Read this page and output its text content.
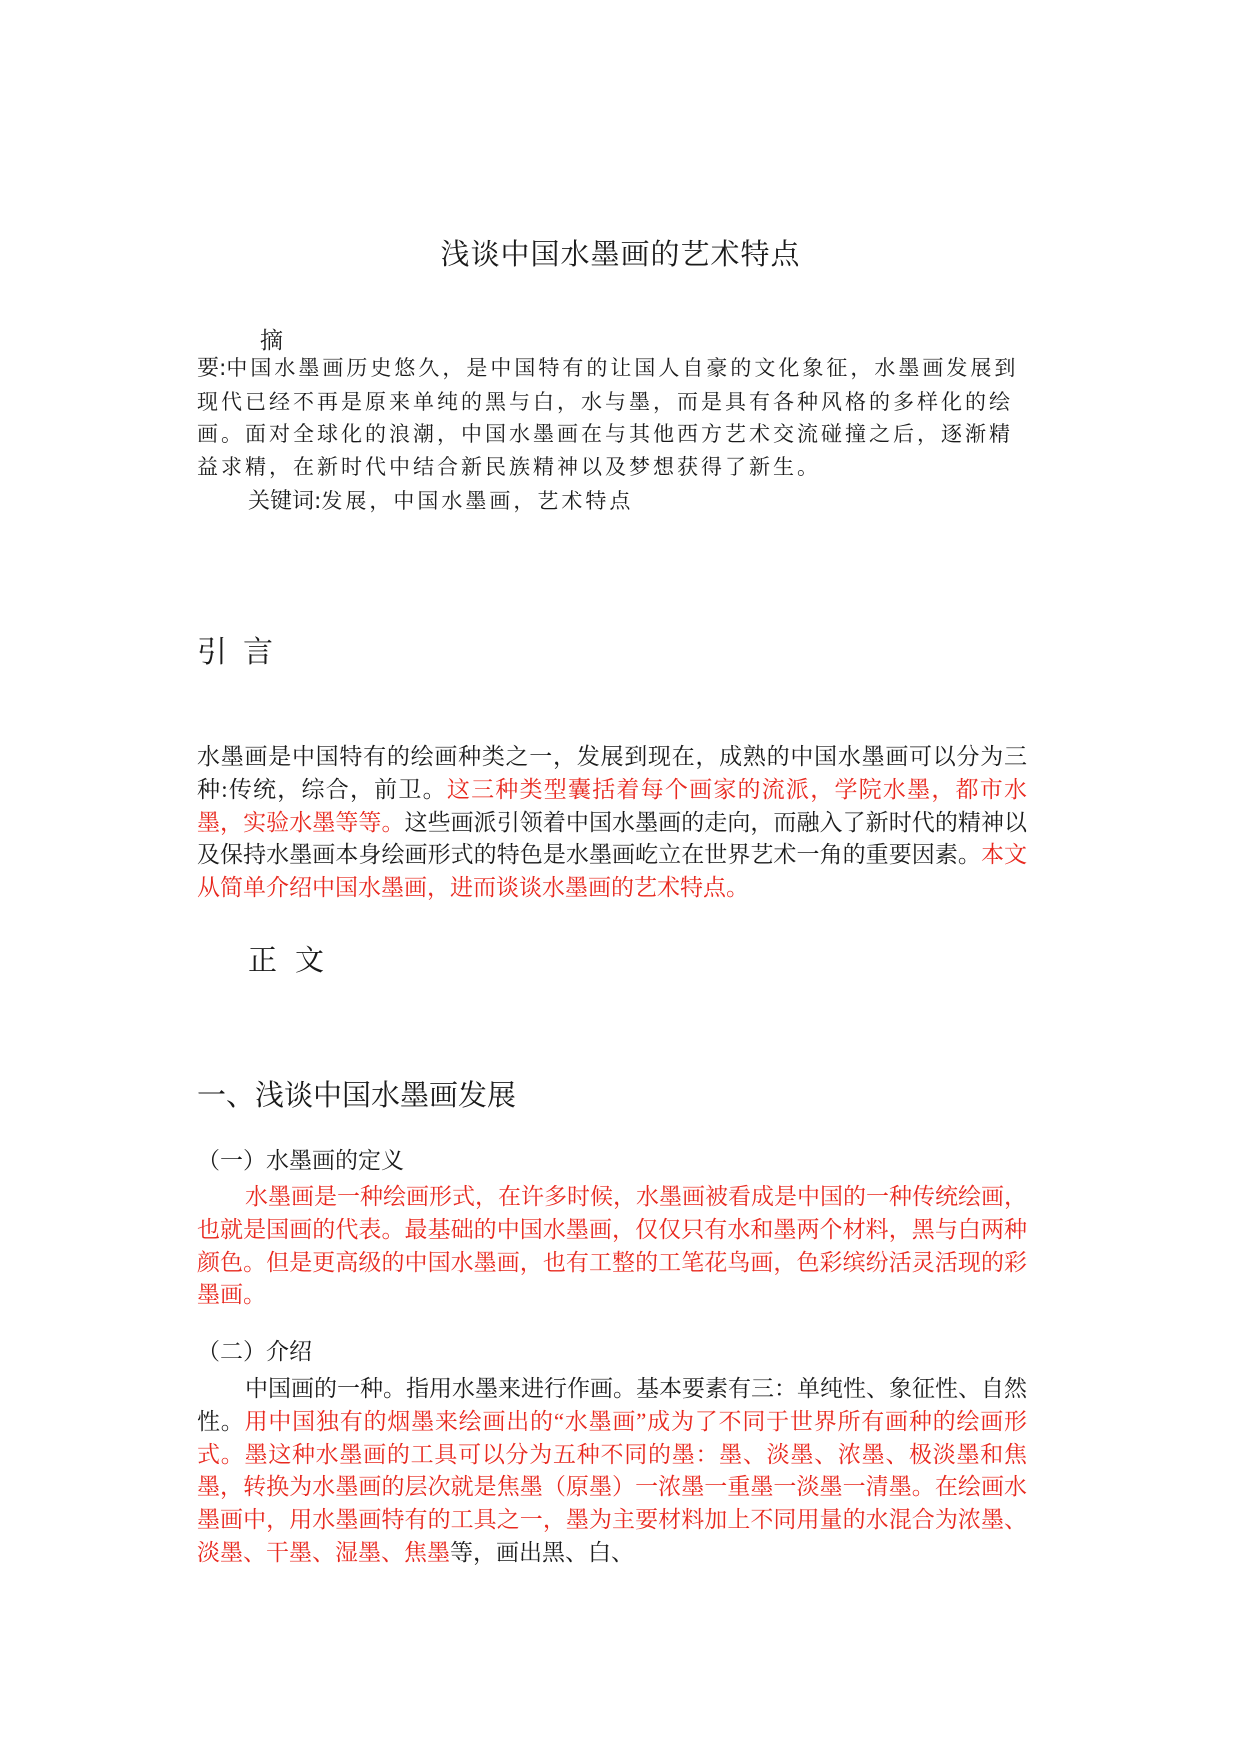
浅谈中国水墨画的艺术特点
摘
要:中国水墨画历史悠久，是中国特有的让国人自豪的文化象征，水墨画发展到现代已经不再是原来单纯的黑与白，水与墨，而是具有各种风格的多样化的绘画。面对全球化的浪潮，中国水墨画在与其他西方艺术交流碰撞之后，逐渐精益求精，在新时代中结合新民族精神以及梦想获得了新生。
关键词:发展，中国水墨画，艺术特点
引言
水墨画是中国特有的绘画种类之一，发展到现在，成熟的中国水墨画可以分为三种:传统，综合，前卫。这三种类型囊括着每个画家的流派，学院水墨，都市水墨，实验水墨等等。这些画派引领着中国水墨画的走向，而融入了新时代的精神以及保持水墨画本身绘画形式的特色是水墨画屹立在世界艺术一角的重要因素。本文从简单介绍中国水墨画，进而谈谈水墨画的艺术特点。
正文
一、浅谈中国水墨画发展
（一）水墨画的定义
水墨画是一种绘画形式，在许多时候，水墨画被看成是中国的一种传统绘画，也就是国画的代表。最基础的中国水墨画，仅仅只有水和墨两个材料，黑与白两种颜色。但是更高级的中国水墨画，也有工整的工笔花鸟画，色彩缤纷活灵活现的彩墨画。
（二）介绍
中国画的一种。指用水墨来进行作画。基本要素有三：单纯性、象征性、自然性。用中国独有的烟墨来绘画出的“水墨画”成为了不同于世界所有画种的绘画形式。墨这种水墨画的工具可以分为五种不同的墨：墨、淡墨、浓墨、极淡墨和焦墨，转换为水墨画的层次就是焦墨（原墨）一浓墨一重墨一淡墨一清墨。在绘画水墨画中，用水墨画特有的工具之一，墨为主要材料加上不同用量的水混合为浓墨、淡墨、干墨、湿墨、焦墨等，画出黑、白、
